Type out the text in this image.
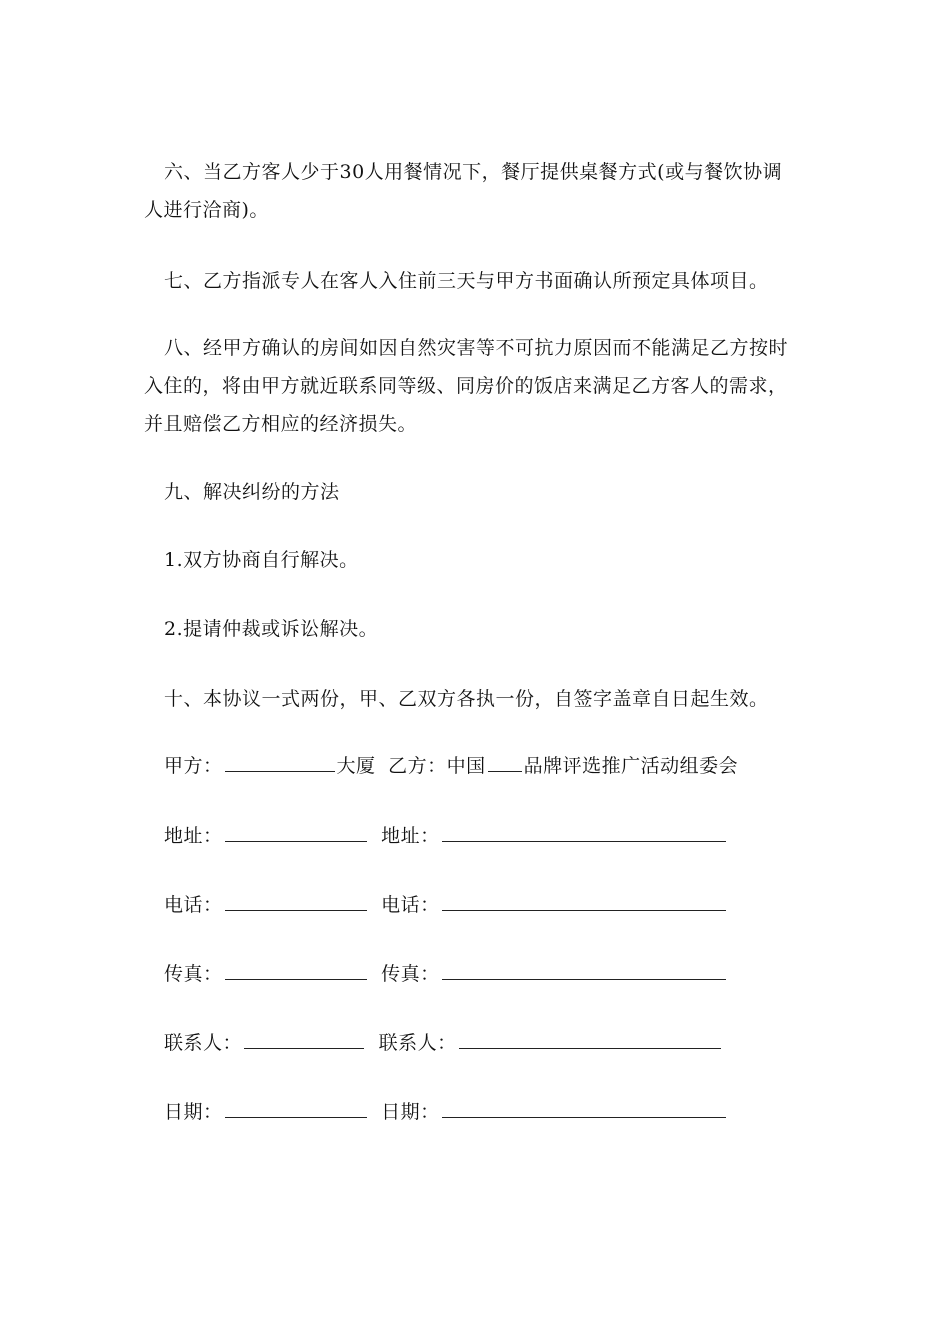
六、当乙方客人少于30人用餐情况下，餐厅提供桌餐方式(或与餐饮协调人进行洽商)。

七、乙方指派专人在客人入住前三天与甲方书面确认所预定具体项目。

八、经甲方确认的房间如因自然灾害等不可抗力原因而不能满足乙方按时入住的，将由甲方就近联系同等级、同房价的饭店来满足乙方客人的需求，并且赔偿乙方相应的经济损失。

九、解决纠纷的方法

1.双方协商自行解决。

2.提请仲裁或诉讼解决。

十、本协议一式两份，甲、乙双方各执一份，自签字盖章自日起生效。

甲方：	大厦 乙方：中国 品牌评选推广活动组委会
地址：	地址：
电话：	电话：
传真：	传真：
联系人：	联系人：
日期：	日期：
